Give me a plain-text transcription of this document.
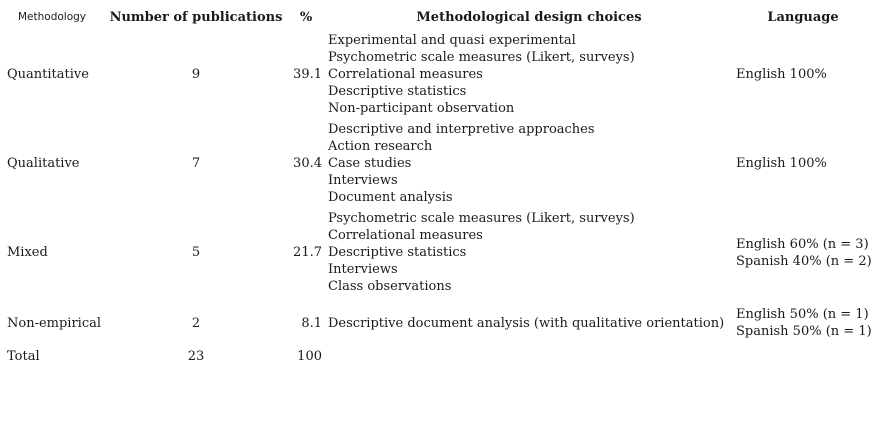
Methodology	Number of publications	%	Methodological design choices	Language
Quantitative	9	39.1	Experimental and quasi experimental
Psychometric scale measures (Likert, surveys)
Correlational measures
Descriptive statistics
Non-participant observation	English 100%

Qualitative	7	30.4	Descriptive and interpretive approaches
Action research
Case studies
Interviews
Document analysis	English 100%

Mixed	5	21.7	Psychometric scale measures (Likert, surveys)
Correlational measures
Descriptive statistics
Interviews
Class observations	English 60% (n = 3)
Spanish 40% (n = 2)

Non-empirical	2	8.1	Descriptive document analysis (with qualitative orientation)	English 50% (n = 1)
Spanish 50% (n = 1)

Total	23	100		
